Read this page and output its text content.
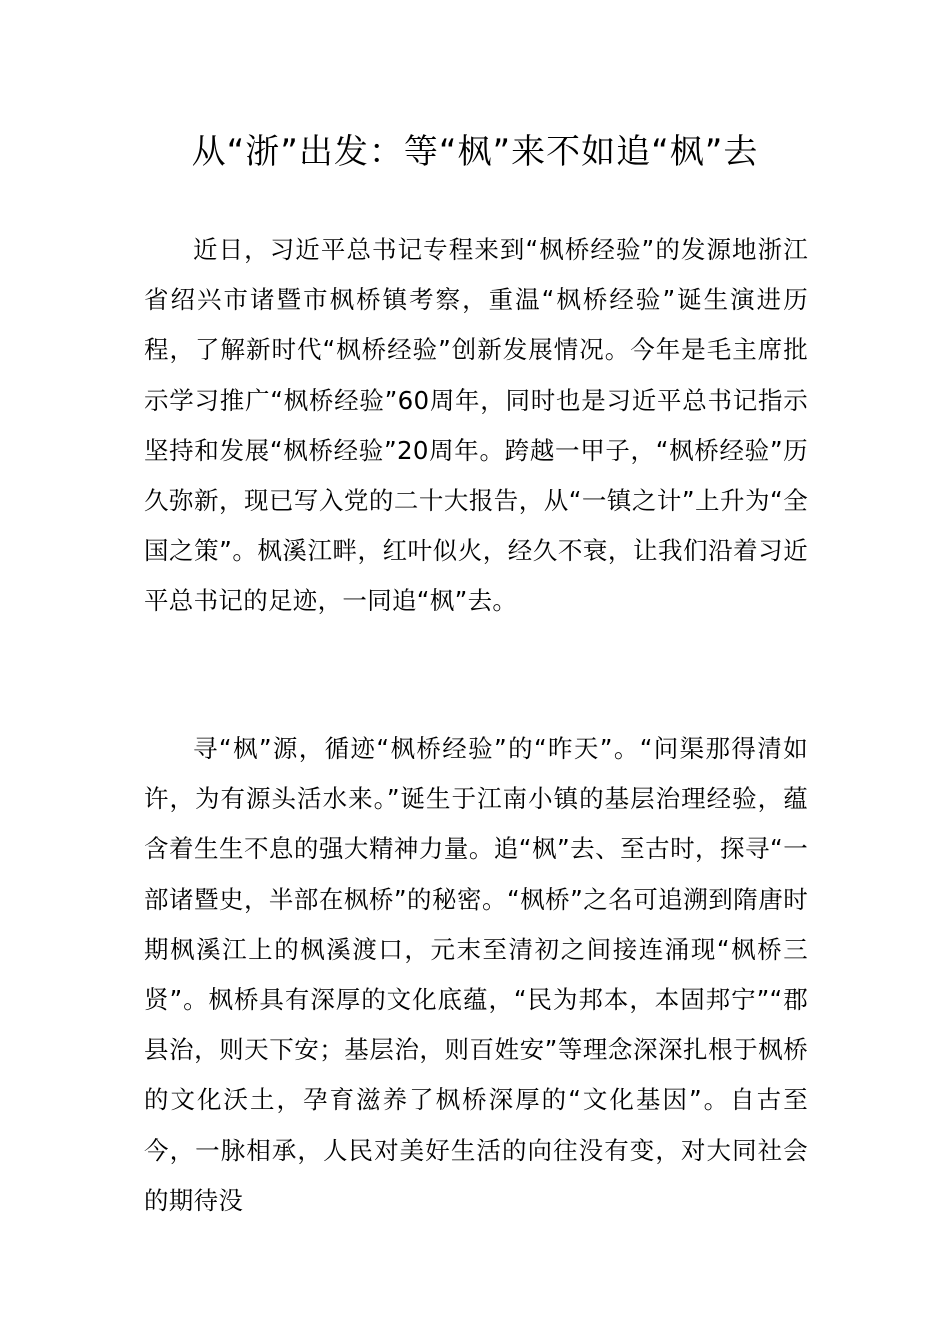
从“浙”出发：等“枫”来不如追“枫”去

近日，习近平总书记专程来到“枫桥经验”的发源地浙江省绍兴市诸暨市枫桥镇考察，重温“枫桥经验”诞生演进历程，了解新时代“枫桥经验”创新发展情况。今年是毛主席批示学习推广“枫桥经验”60周年，同时也是习近平总书记指示坚持和发展“枫桥经验”20周年。跨越一甲子，“枫桥经验”历久弥新，现已写入党的二十大报告，从“一镇之计”上升为“全国之策”。枫溪江畔，红叶似火，经久不衰，让我们沿着习近平总书记的足迹，一同追“枫”去。

寻“枫”源，循迹“枫桥经验”的“昨天”。“问渠那得清如许，为有源头活水来。”诞生于江南小镇的基层治理经验，蕴含着生生不息的强大精神力量。追“枫”去、至古时，探寻“一部诸暨史，半部在枫桥”的秘密。“枫桥”之名可追溯到隋唐时期枫溪江上的枫溪渡口，元末至清初之间接连涌现“枫桥三贤”。枫桥具有深厚的文化底蕴，“民为邦本，本固邦宁”“郡县治，则天下安；基层治，则百姓安”等理念深深扎根于枫桥的文化沃土，孕育滋养了枫桥深厚的“文化基因”。自古至今，一脉相承，人民对美好生活的向往没有变，对大同社会的期待没
